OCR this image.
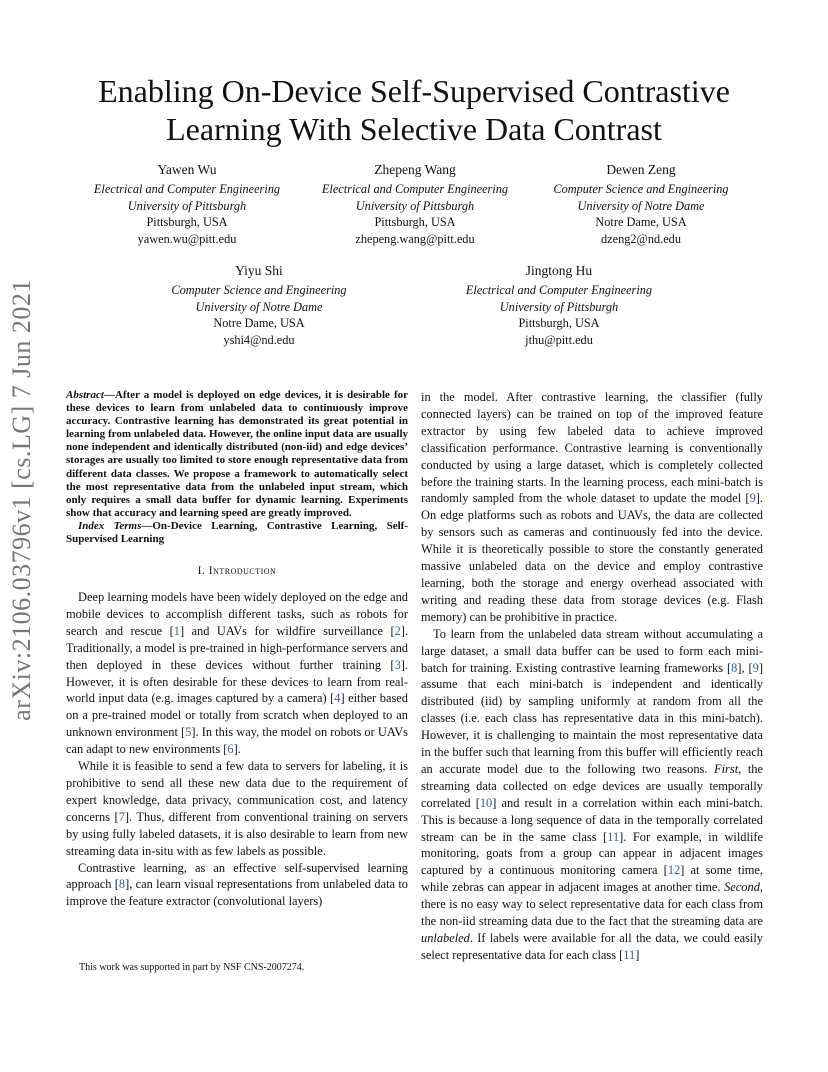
arXiv:2106.03796v1 [cs.LG] 7 Jun 2021
Enabling On-Device Self-Supervised Contrastive Learning With Selective Data Contrast
Yawen Wu
Electrical and Computer Engineering
University of Pittsburgh
Pittsburgh, USA
yawen.wu@pitt.edu
Zhepeng Wang
Electrical and Computer Engineering
University of Pittsburgh
Pittsburgh, USA
zhepeng.wang@pitt.edu
Dewen Zeng
Computer Science and Engineering
University of Notre Dame
Notre Dame, USA
dzeng2@nd.edu
Yiyu Shi
Computer Science and Engineering
University of Notre Dame
Notre Dame, USA
yshi4@nd.edu
Jingtong Hu
Electrical and Computer Engineering
University of Pittsburgh
Pittsburgh, USA
jthu@pitt.edu

Abstract—After a model is deployed on edge devices, it is desirable for these devices to learn from unlabeled data to continuously improve accuracy. Contrastive learning has demonstrated its great potential in learning from unlabeled data. However, the online input data are usually none independent and identically distributed (non-iid) and edge devices’ storages are usually too limited to store enough representative data from different data classes. We propose a framework to automatically select the most representative data from the unlabeled input stream, which only requires a small data buffer for dynamic learning. Experiments show that accuracy and learning speed are greatly improved.

Index Terms—On-Device Learning, Contrastive Learning, Self-Supervised Learning

I. Introduction

Deep learning models have been widely deployed on the edge and mobile devices to accomplish different tasks, such as robots for search and rescue [1] and UAVs for wildfire surveillance [2]. Traditionally, a model is pre-trained in high-performance servers and then deployed in these devices without further training [3]. However, it is often desirable for these devices to learn from real-world input data (e.g. images captured by a camera) [4] either based on a pre-trained model or totally from scratch when deployed to an unknown environment [5]. In this way, the model on robots or UAVs can adapt to new environments [6].

While it is feasible to send a few data to servers for labeling, it is prohibitive to send all these new data due to the requirement of expert knowledge, data privacy, communication cost, and latency concerns [7]. Thus, different from conventional training on servers by using fully labeled datasets, it is also desirable to learn from new streaming data in-situ with as few labels as possible.

Contrastive learning, as an effective self-supervised learning approach [8], can learn visual representations from unlabeled data to improve the feature extractor (convolutional layers)

in the model. After contrastive learning, the classifier (fully connected layers) can be trained on top of the improved feature extractor by using few labeled data to achieve improved classification performance. Contrastive learning is conventionally conducted by using a large dataset, which is completely collected before the training starts. In the learning process, each mini-batch is randomly sampled from the whole dataset to update the model [9]. On edge platforms such as robots and UAVs, the data are collected by sensors such as cameras and continuously fed into the device. While it is theoretically possible to store the constantly generated massive unlabeled data on the device and employ contrastive learning, both the storage and energy overhead associated with writing and reading these data from storage devices (e.g. Flash memory) can be prohibitive in practice.

To learn from the unlabeled data stream without accumulating a large dataset, a small data buffer can be used to form each mini-batch for training. Existing contrastive learning frameworks [8], [9] assume that each mini-batch is independent and identically distributed (iid) by sampling uniformly at random from all the classes (i.e. each class has representative data in this mini-batch). However, it is challenging to maintain the most representative data in the buffer such that learning from this buffer will efficiently reach an accurate model due to the following two reasons. First, the streaming data collected on edge devices are usually temporally correlated [10] and result in a correlation within each mini-batch. This is because a long sequence of data in the temporally correlated stream can be in the same class [11]. For example, in wildlife monitoring, goats from a group can appear in adjacent images captured by a continuous monitoring camera [12] at some time, while zebras can appear in adjacent images at another time. Second, there is no easy way to select representative data for each class from the non-iid streaming data due to the fact that the streaming data are unlabeled. If labels were available for all the data, we could easily select representative data for each class [11]

This work was supported in part by NSF CNS-2007274.
